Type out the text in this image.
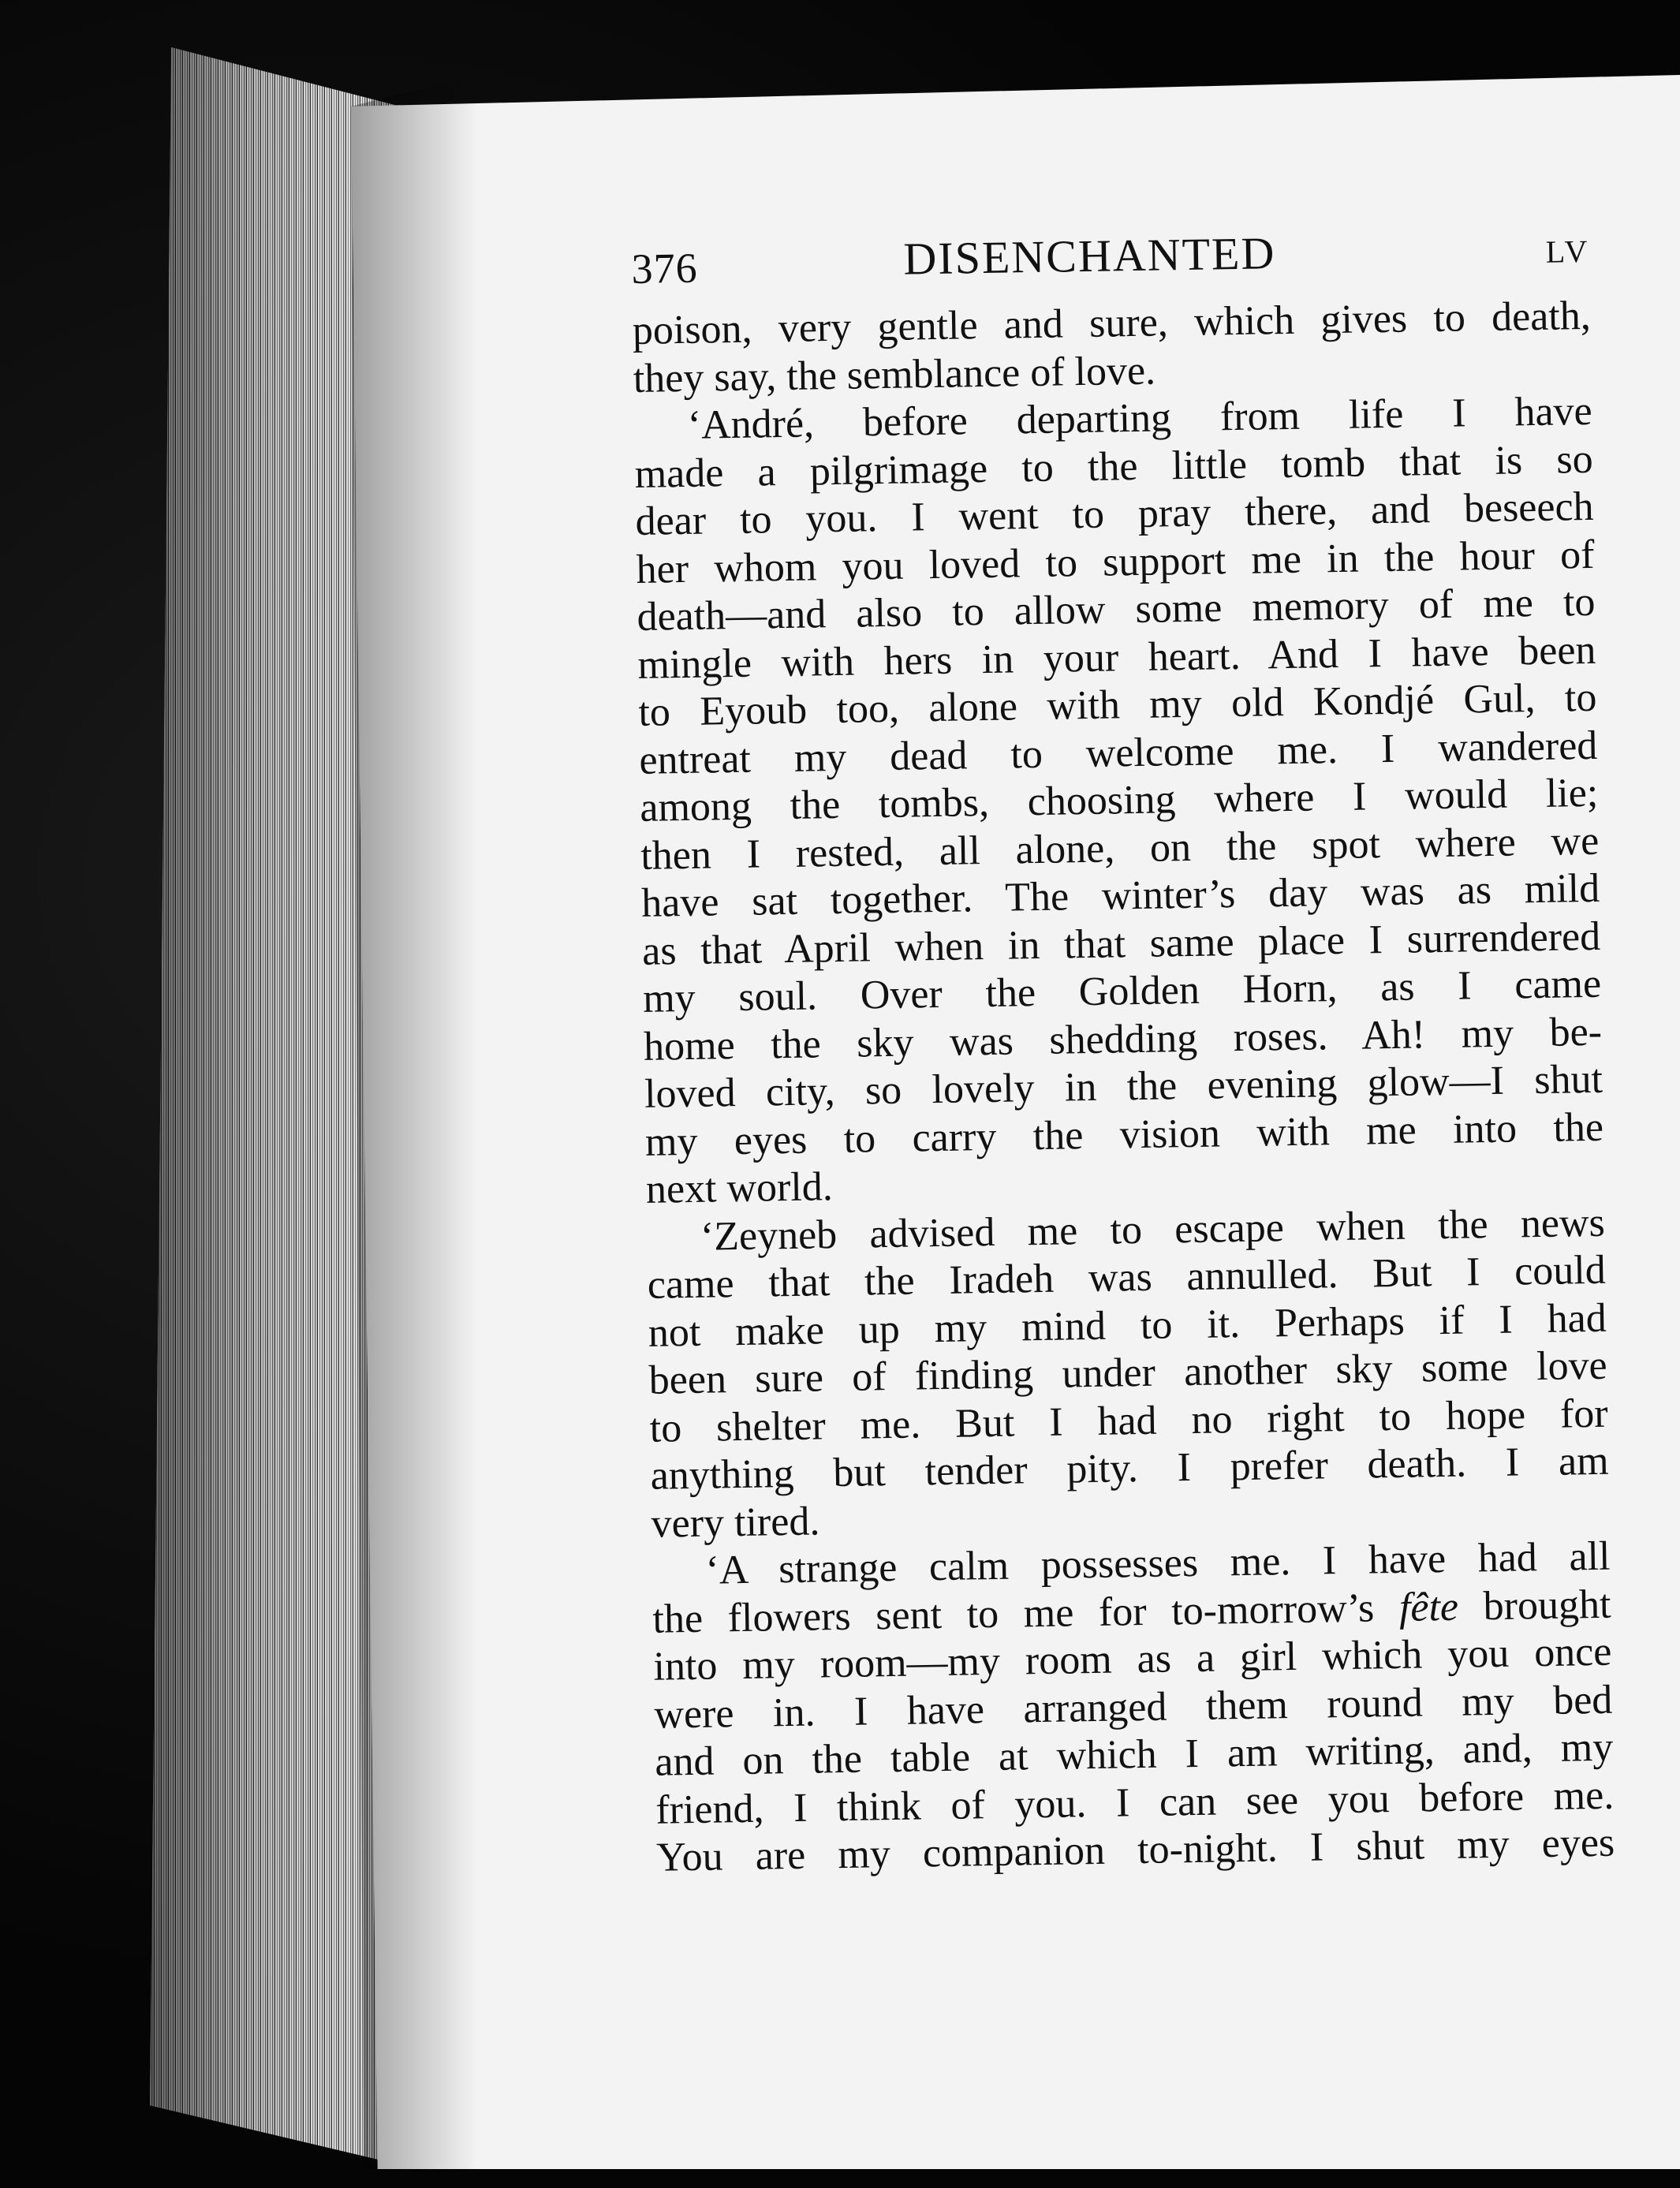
376	DISENCHANTED	LV
poison, very gentle and sure, which gives to death,
they say, the semblance of love.
‘André, before departing from life I have
made a pilgrimage to the little tomb that is so
dear to you. I went to pray there, and beseech
her whom you loved to support me in the hour of
death—and also to allow some memory of me to
mingle with hers in your heart. And I have been
to Eyoub too, alone with my old Kondjé Gul, to
entreat my dead to welcome me. I wandered
among the tombs, choosing where I would lie;
then I rested, all alone, on the spot where we
have sat together. The winter’s day was as mild
as that April when in that same place I surrendered
my soul. Over the Golden Horn, as I came
home the sky was shedding roses. Ah! my be-
loved city, so lovely in the evening glow—I shut
my eyes to carry the vision with me into the
next world.
‘Zeyneb advised me to escape when the news
came that the Iradeh was annulled. But I could
not make up my mind to it. Perhaps if I had
been sure of finding under another sky some love
to shelter me. But I had no right to hope for
anything but tender pity. I prefer death. I am
very tired.
‘A strange calm possesses me. I have had all
the flowers sent to me for to-morrow’s fête brought
into my room—my room as a girl which you once
were in. I have arranged them round my bed
and on the table at which I am writing, and, my
friend, I think of you. I can see you before me.
You are my companion to-night. I shut my eyes
